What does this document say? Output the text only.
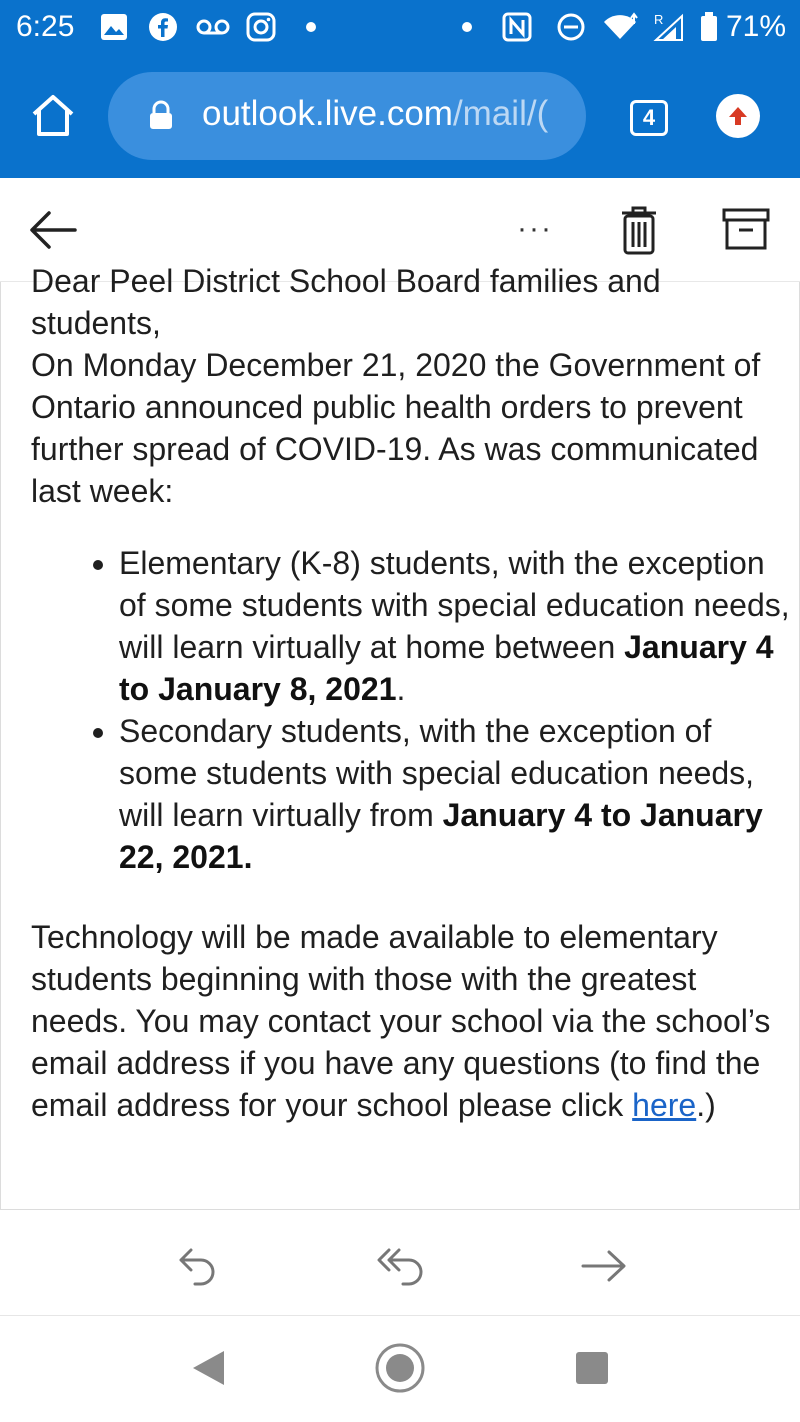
6:25	R 71%
outlook.live.com/mail/(	4
···

Dear Peel District School Board families and

students,

On Monday December 21, 2020 the Government of Ontario announced public health orders to prevent further spread of COVID-19. As was communicated last week:

• Elementary (K-8) students, with the exception of some students with special education needs, will learn virtually at home between January 4 to January 8, 2021.
• Secondary students, with the exception of some students with special education needs, will learn virtually from January 4 to January 22, 2021.

Technology will be made available to elementary students beginning with those with the greatest needs. You may contact your school via the school’s email address if you have any questions (to find the email address for your school please click here.)
